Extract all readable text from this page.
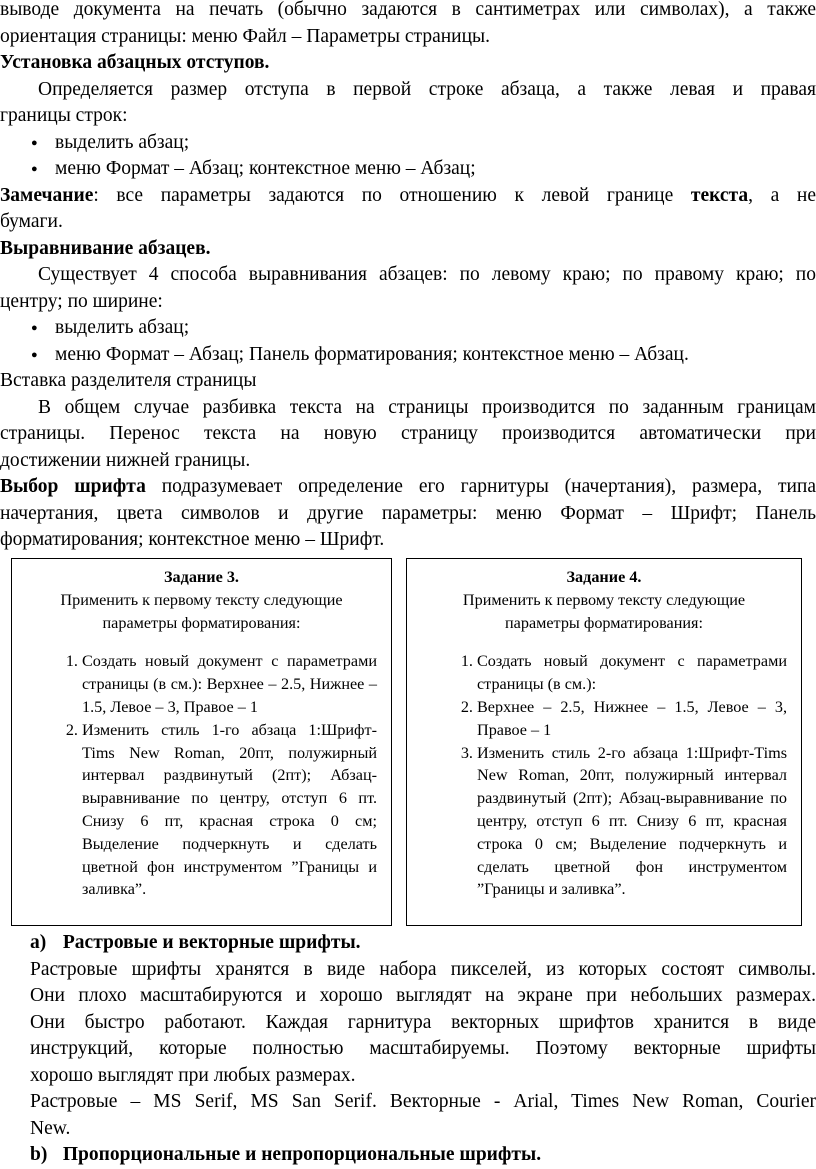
выводе документа на печать (обычно задаются в сантиметрах или символах), а также
ориентация страницы: меню Файл – Параметры страницы.
Установка абзацных отступов.
Определяется размер отступа в первой строке абзаца, а также левая и правая
границы строк:
● выделить абзац;
● меню Формат – Абзац; контекстное меню – Абзац;
Замечание: все параметры задаются по отношению к левой границе текста, а не
бумаги.
Выравнивание абзацев.
Существует 4 способа выравнивания абзацев: по левому краю; по правому краю; по
центру; по ширине:
● выделить абзац;
● меню Формат – Абзац; Панель форматирования; контекстное меню – Абзац.
Вставка разделителя страницы
В общем случае разбивка текста на страницы производится по заданным границам
страницы. Перенос текста на новую страницу производится автоматически при
достижении нижней границы.
Выбор шрифта подразумевает определение его гарнитуры (начертания), размера, типа
начертания, цвета символов и другие параметры: меню Формат – Шрифт; Панель
форматирования; контекстное меню – Шрифт.
Задание 3.
Применить к первому тексту следующие
параметры форматирования:
1. Создать новый документ с параметрами страницы (в см.): Верхнее – 2.5, Нижнее – 1.5, Левое – 3, Правое – 1
2. Изменить стиль 1-го абзаца 1:Шрифт-Tims New Roman, 20пт, полужирный интервал раздвинутый (2пт); Абзац- выравнивание по центру, отступ 6 пт. Снизу 6 пт, красная строка 0 см; Выделение подчеркнуть и сделать цветной фон инструментом ”Границы и заливка”.
Задание 4.
Применить к первому тексту следующие
параметры форматирования:
1. Создать новый документ с параметрами страницы (в см.):
2. Верхнее – 2.5, Нижнее – 1.5, Левое – 3, Правое – 1
3. Изменить стиль 2-го абзаца 1:Шрифт-Tims New Roman, 20пт, полужирный интервал раздвинутый (2пт); Абзац-выравнивание по центру, отступ 6 пт. Снизу 6 пт, красная строка 0 см; Выделение подчеркнуть и сделать цветной фон инструментом ”Границы и заливка”.
a) Растровые и векторные шрифты.
Растровые шрифты хранятся в виде набора пикселей, из которых состоят символы.
Они плохо масштабируются и хорошо выглядят на экране при небольших размерах.
Они быстро работают. Каждая гарнитура векторных шрифтов хранится в виде
инструкций, которые полностью масштабируемы. Поэтому векторные шрифты
хорошо выглядят при любых размерах.
Растровые – MS Serif, MS San Serif. Векторные - Arial, Times New Roman, Courier
New.
b) Пропорциональные и непропорциональные шрифты.
